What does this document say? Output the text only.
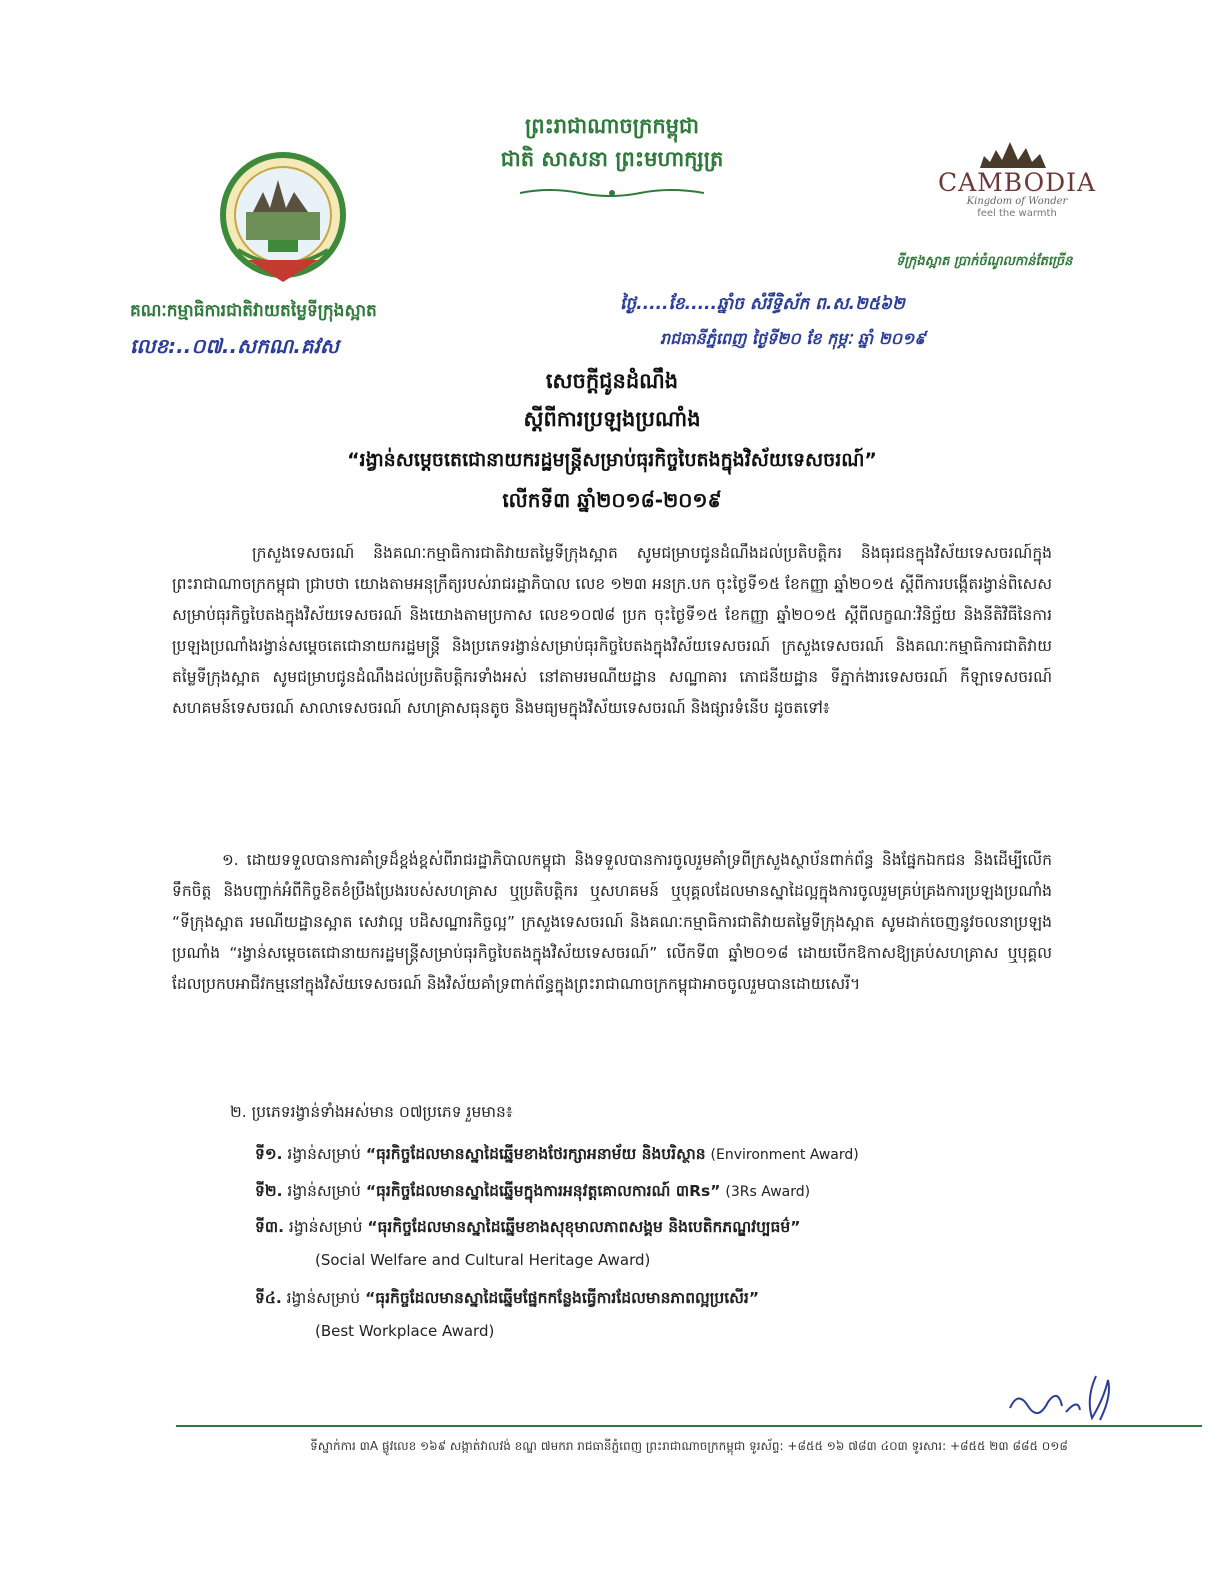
ព្រះរាជាណាចក្រកម្ពុជា
ជាតិ សាសនា ព្រះមហាក្សត្រ
គណៈកម្មាធិការជាតិវាយតម្លៃទីក្រុងស្អាត
លេខ:..០៧..សកណ.គវស
CAMBODIA
Kingdom of Wonder
feel the warmth
ទីក្រុងស្អាត ប្រាក់ចំណូលកាន់តែច្រើន
ថ្ងៃ.....ខែ.....ឆ្នាំច សំរឹទ្ធិស័ក ព.ស.២៥៦២
រាជធានីភ្នំពេញ ថ្ងៃទី២០ ខែ កុម្ភៈ ឆ្នាំ ២០១៩
សេចក្ដីជូនដំណឹង
ស្ដីពីការប្រឡងប្រណាំង
“រង្វាន់សម្ដេចតេជោនាយករដ្ឋមន្ត្រីសម្រាប់ធុរកិច្ចបៃតងក្នុងវិស័យទេសចរណ៍”
លើកទី៣ ឆ្នាំ២០១៨-២០១៩
ក្រសួងទេសចរណ៍ និងគណៈកម្មាធិការជាតិវាយតម្លៃទីក្រុងស្អាត សូមជម្រាបជូនដំណឹងដល់ប្រតិបត្តិករ និងធុរជនក្នុងវិស័យទេសចរណ៍ក្នុងព្រះរាជាណាចក្រកម្ពុជា ជ្រាបថា យោងតាមអនុក្រឹត្យរបស់រាជរដ្ឋាភិបាល លេខ ១២៣ អនក្រ.បក ចុះថ្ងៃទី១៥ ខែកញ្ញា ឆ្នាំ២០១៥ ស្ដីពីការបង្កើតរង្វាន់ពិសេសសម្រាប់ធុរកិច្ចបៃតងក្នុងវិស័យទេសចរណ៍ និងយោងតាមប្រកាស លេខ១០៧៨ ប្រក ចុះថ្ងៃទី១៥ ខែកញ្ញា ឆ្នាំ២០១៥ ស្ដីពីលក្ខណៈវិនិច្ឆ័យ និងនីតិវិធីនៃការប្រឡងប្រណាំងរង្វាន់សម្ដេចតេជោនាយករដ្ឋមន្ត្រី និងប្រភេទរង្វាន់សម្រាប់ធុរកិច្ចបៃតងក្នុងវិស័យទេសចរណ៍ ក្រសួងទេសចរណ៍ និងគណៈកម្មាធិការជាតិវាយតម្លៃទីក្រុងស្អាត សូមជម្រាបជូនដំណឹងដល់ប្រតិបត្តិករទាំងអស់ នៅតាមរមណីយដ្ឋាន សណ្ឋាគារ ភោជនីយដ្ឋាន ទីភ្នាក់ងារទេសចរណ៍ កីឡាទេសចរណ៍ សហគមន៍ទេសចរណ៍ សាលាទេសចរណ៍ សហគ្រាសធុនតូច និងមធ្យមក្នុងវិស័យទេសចរណ៍ និងផ្សារទំនើប ដូចតទៅ៖
១. ដោយទទួលបានការគាំទ្រដ៏ខ្ពង់ខ្ពស់ពីរាជរដ្ឋាភិបាលកម្ពុជា និងទទួលបានការចូលរួមគាំទ្រពីក្រសួងស្ថាប័នពាក់ព័ន្ធ និងផ្នែកឯកជន និងដើម្បីលើកទឹកចិត្ត និងបញ្ជាក់អំពីកិច្ចខិតខំប្រឹងប្រែងរបស់សហគ្រាស ឬប្រតិបត្តិករ ឬសហគមន៍ ឬបុគ្គលដែលមានស្នាដៃល្អក្នុងការចូលរួមគ្រប់គ្រងការប្រឡងប្រណាំង “ទីក្រុងស្អាត រមណីយដ្ឋានស្អាត សេវាល្អ បដិសណ្ឋារកិច្ចល្អ” ក្រសួងទេសចរណ៍ និងគណៈកម្មាធិការជាតិវាយតម្លៃទីក្រុងស្អាត សូមដាក់ចេញនូវចលនាប្រឡងប្រណាំង “រង្វាន់សម្ដេចតេជោនាយករដ្ឋមន្ត្រីសម្រាប់ធុរកិច្ចបៃតងក្នុងវិស័យទេសចរណ៍” លើកទី៣ ឆ្នាំ២០១៨ ដោយបើកឱកាសឱ្យគ្រប់សហគ្រាស ឬបុគ្គលដែលប្រកបអាជីវកម្មនៅក្នុងវិស័យទេសចរណ៍ និងវិស័យគាំទ្រពាក់ព័ន្ធក្នុងព្រះរាជាណាចក្រកម្ពុជាអាចចូលរួមបានដោយសេរី។
២. ប្រភេទរង្វាន់ទាំងអស់មាន ០៧ប្រភេទ រួមមាន៖
ទី១. រង្វាន់សម្រាប់ “ធុរកិច្ចដែលមានស្នាដៃឆ្នើមខាងថែរក្សាអនាម័យ និងបរិស្ថាន (Environment Award)
ទី២. រង្វាន់សម្រាប់ “ធុរកិច្ចដែលមានស្នាដៃឆ្នើមក្នុងការអនុវត្តគោលការណ៍ ៣Rs” (3Rs Award)
ទី៣. រង្វាន់សម្រាប់ “ធុរកិច្ចដែលមានស្នាដៃឆ្នើមខាងសុខុមាលភាពសង្គម និងបេតិកភណ្ឌវប្បធម៌”
(Social Welfare and Cultural Heritage Award)
ទី៤. រង្វាន់សម្រាប់ “ធុរកិច្ចដែលមានស្នាដៃឆ្នើមផ្នែកកន្លែងធ្វើការដែលមានភាពល្អប្រសើរ”
(Best Workplace Award)
ទីស្នាក់ការ ៣A ផ្លូវលេខ ១៦៩ សង្កាត់វាលវង់ ខណ្ឌ ៧មករា រាជធានីភ្នំពេញ ព្រះរាជាណាចក្រកម្ពុជា ទូរស័ព្ទ: +៨៥៥ ១៦ ៧៨៣ ៤០៣ ទូរសារ: +៨៥៥ ២៣ ៨៨៥ ០១៨
